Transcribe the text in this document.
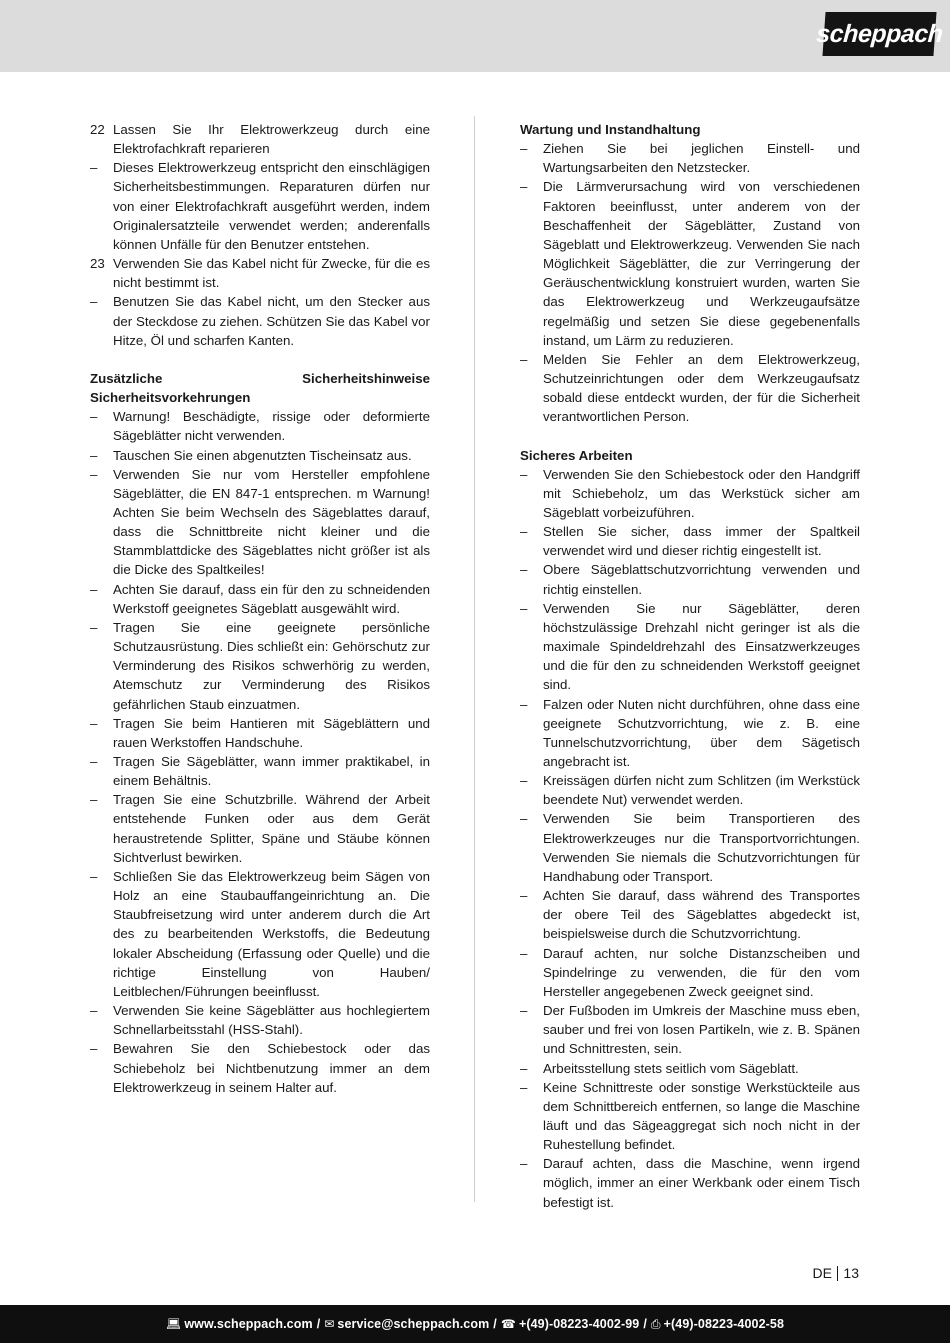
scheppach
22 Lassen Sie Ihr Elektrowerkzeug durch eine Elektrofachkraft reparieren
–	Dieses Elektrowerkzeug entspricht den einschlägigen Sicherheitsbestimmungen. Reparaturen dürfen nur von einer Elektrofachkraft ausgeführt werden, indem Originalersatzteile verwendet werden; anderenfalls können Unfälle für den Benutzer entstehen.
23 Verwenden Sie das Kabel nicht für Zwecke, für die es nicht bestimmt ist.
–	Benutzen Sie das Kabel nicht, um den Stecker aus der Steckdose zu ziehen. Schützen Sie das Kabel vor Hitze, Öl und scharfen Kanten.
Zusätzliche Sicherheitshinweise Sicherheitsvorkehrungen
–	Warnung! Beschädigte, rissige oder deformierte Sägeblätter nicht verwenden.
–	Tauschen Sie einen abgenutzten Tischeinsatz aus.
–	Verwenden Sie nur vom Hersteller empfohlene Sägeblätter, die EN 847-1 entsprechen. m Warnung! Achten Sie beim Wechseln des Sägeblattes darauf, dass die Schnittbreite nicht kleiner und die Stammblattdicke des Sägeblattes nicht größer ist als die Dicke des Spaltkeiles!
–	Achten Sie darauf, dass ein für den zu schneidenden Werkstoff geeignetes Sägeblatt ausgewählt wird.
–	Tragen Sie eine geeignete persönliche Schutzausrüstung. Dies schließt ein: Gehörschutz zur Verminderung des Risikos schwerhörig zu werden, Atemschutz zur Verminderung des Risikos gefährlichen Staub einzuatmen.
–	Tragen Sie beim Hantieren mit Sägeblättern und rauen Werkstoffen Handschuhe.
–	Tragen Sie Sägeblätter, wann immer praktikabel, in einem Behältnis.
–	Tragen Sie eine Schutzbrille. Während der Arbeit entstehende Funken oder aus dem Gerät heraustretende Splitter, Späne und Stäube können Sichtverlust bewirken.
–	Schließen Sie das Elektrowerkzeug beim Sägen von Holz an eine Staubauffangeinrichtung an. Die Staubfreisetzung wird unter anderem durch die Art des zu bearbeitenden Werkstoffs, die Bedeutung lokaler Abscheidung (Erfassung oder Quelle) und die richtige Einstellung von Hauben/ Leitblechen/Führungen beeinflusst.
–	Verwenden Sie keine Sägeblätter aus hochlegiertem Schnellarbeitsstahl (HSS-Stahl).
–	Bewahren Sie den Schiebestock oder das Schiebeholz bei Nichtbenutzung immer an dem Elektrowerkzeug in seinem Halter auf.
Wartung und Instandhaltung
–	Ziehen Sie bei jeglichen Einstell- und Wartungsarbeiten den Netzstecker.
–	Die Lärmverursachung wird von verschiedenen Faktoren beeinflusst, unter anderem von der Beschaffenheit der Sägeblätter, Zustand von Sägeblatt und Elektrowerkzeug. Verwenden Sie nach Möglichkeit Sägeblätter, die zur Verringerung der Geräuschentwicklung konstruiert wurden, warten Sie das Elektrowerkzeug und Werkzeugaufsätze regelmäßig und setzen Sie diese gegebenenfalls instand, um Lärm zu reduzieren.
–	Melden Sie Fehler an dem Elektrowerkzeug, Schutzeinrichtungen oder dem Werkzeugaufsatz sobald diese entdeckt wurden, der für die Sicherheit verantwortlichen Person.
Sicheres Arbeiten
–	Verwenden Sie den Schiebestock oder den Handgriff mit Schiebeholz, um das Werkstück sicher am Sägeblatt vorbeizuführen.
–	Stellen Sie sicher, dass immer der Spaltkeil verwendet wird und dieser richtig eingestellt ist.
–	Obere Sägeblattschutzvorrichtung verwenden und richtig einstellen.
–	Verwenden Sie nur Sägeblätter, deren höchstzulässige Drehzahl nicht geringer ist als die maximale Spindeldrehzahl des Einsatzwerkzeuges und die für den zu schneidenden Werkstoff geeignet sind.
–	Falzen oder Nuten nicht durchführen, ohne dass eine geeignete Schutzvorrichtung, wie z. B. eine Tunnelschutzvorrichtung, über dem Sägetisch angebracht ist.
–	Kreissägen dürfen nicht zum Schlitzen (im Werkstück beendete Nut) verwendet werden.
–	Verwenden Sie beim Transportieren des Elektrowerkzeuges nur die Transportvorrichtungen. Verwenden Sie niemals die Schutzvorrichtungen für Handhabung oder Transport.
–	Achten Sie darauf, dass während des Transportes der obere Teil des Sägeblattes abgedeckt ist, beispielsweise durch die Schutzvorrichtung.
–	Darauf achten, nur solche Distanzscheiben und Spindelringe zu verwenden, die für den vom Hersteller angegebenen Zweck geeignet sind.
–	Der Fußboden im Umkreis der Maschine muss eben, sauber und frei von losen Partikeln, wie z. B. Spänen und Schnittresten, sein.
–	Arbeitsstellung stets seitlich vom Sägeblatt.
–	Keine Schnittreste oder sonstige Werkstückteile aus dem Schnittbereich entfernen, so lange die Maschine läuft und das Sägeaggregat sich noch nicht in der Ruhestellung befindet.
–	Darauf achten, dass die Maschine, wenn irgend möglich, immer an einer Werkbank oder einem Tisch befestigt ist.
DE 13
💻︎ www.scheppach.com / ✉︎ service@scheppach.com / ☎︎ +(49)-08223-4002-99 / ⎙ +(49)-08223-4002-58
